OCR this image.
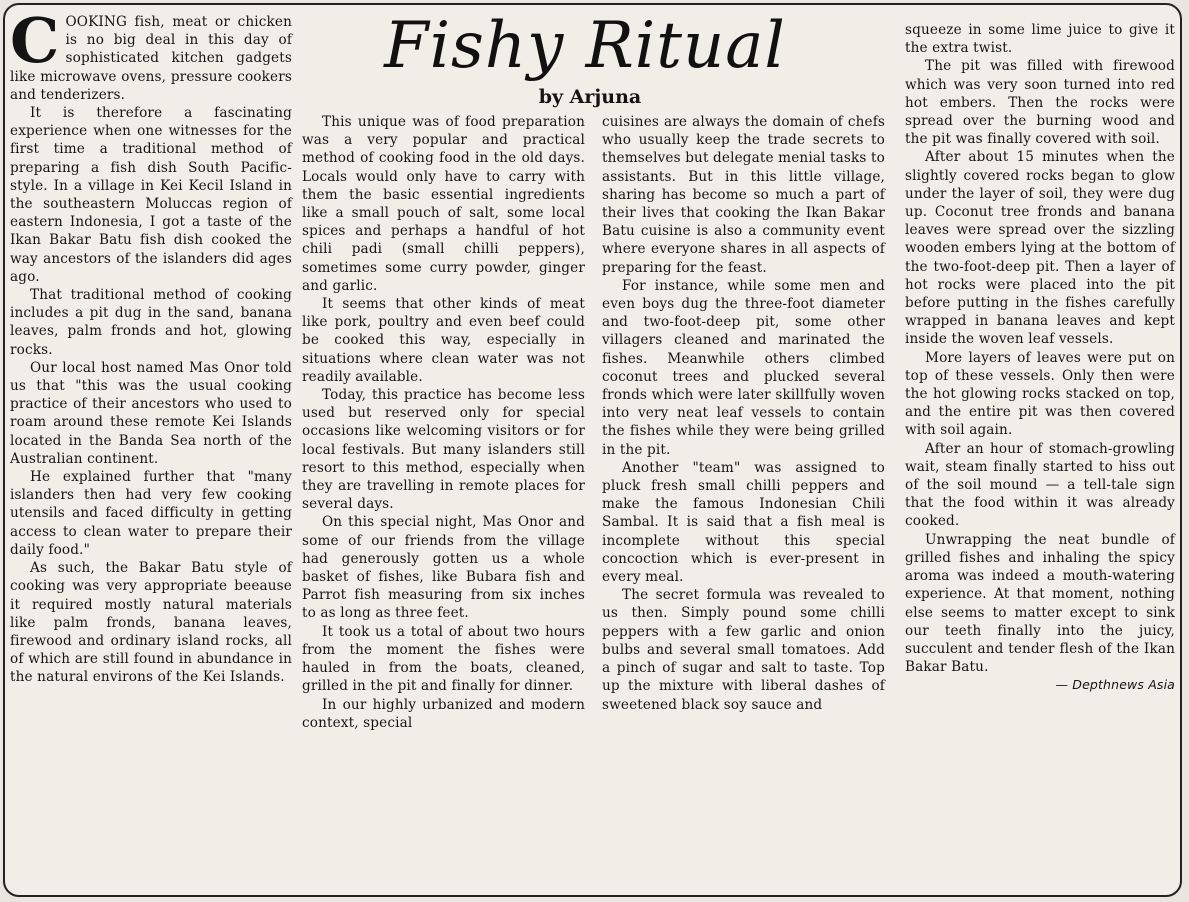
Fishy Ritual
by Arjuna

COOKING fish, meat or chicken is no big deal in this day of sophisticated kitchen gadgets like microwave ovens, pressure cookers and tenderizers.

It is therefore a fascinating experience when one witnesses for the first time a traditional method of preparing a fish dish South Pacific-style. In a village in Kei Kecil Island in the southeastern Moluccas region of eastern Indonesia, I got a taste of the Ikan Bakar Batu fish dish cooked the way ancestors of the islanders did ages ago.

That traditional method of cooking includes a pit dug in the sand, banana leaves, palm fronds and hot, glowing rocks.

Our local host named Mas Onor told us that "this was the usual cooking practice of their ancestors who used to roam around these remote Kei Islands located in the Banda Sea north of the Australian continent.

He explained further that "many islanders then had very few cooking utensils and faced difficulty in getting access to clean water to prepare their daily food."

As such, the Bakar Batu style of cooking was very appropriate beeause it required mostly natural materials like palm fronds, banana leaves, firewood and ordinary island rocks, all of which are still found in abundance in the natural environs of the Kei Islands.

This unique was of food preparation was a very popular and practical method of cooking food in the old days. Locals would only have to carry with them the basic essential ingredients like a small pouch of salt, some local spices and perhaps a handful of hot chili padi (small chilli peppers), sometimes some curry powder, ginger and garlic.

It seems that other kinds of meat like pork, poultry and even beef could be cooked this way, especially in situations where clean water was not readily available.

Today, this practice has become less used but reserved only for special occasions like welcoming visitors or for local festivals. But many islanders still resort to this method, especially when they are travelling in remote places for several days.

On this special night, Mas Onor and some of our friends from the village had generously gotten us a whole basket of fishes, like Bubara fish and Parrot fish measuring from six inches to as long as three feet.

It took us a total of about two hours from the moment the fishes were hauled in from the boats, cleaned, grilled in the pit and finally for dinner.

In our highly urbanized and modern context, special

cuisines are always the domain of chefs who usually keep the trade secrets to themselves but delegate menial tasks to assistants. But in this little village, sharing has become so much a part of their lives that cooking the Ikan Bakar Batu cuisine is also a community event where everyone shares in all aspects of preparing for the feast.

For instance, while some men and even boys dug the three-foot diameter and two-foot-deep pit, some other villagers cleaned and marinated the fishes. Meanwhile others climbed coconut trees and plucked several fronds which were later skillfully woven into very neat leaf vessels to contain the fishes while they were being grilled in the pit.

Another "team" was assigned to pluck fresh small chilli peppers and make the famous Indonesian Chili Sambal. It is said that a fish meal is incomplete without this special concoction which is ever-present in every meal.

The secret formula was revealed to us then. Simply pound some chilli peppers with a few garlic and onion bulbs and several small tomatoes. Add a pinch of sugar and salt to taste. Top up the mixture with liberal dashes of sweetened black soy sauce and

squeeze in some lime juice to give it the extra twist.

The pit was filled with firewood which was very soon turned into red hot embers. Then the rocks were spread over the burning wood and the pit was finally covered with soil.

After about 15 minutes when the slightly covered rocks began to glow under the layer of soil, they were dug up. Coconut tree fronds and banana leaves were spread over the sizzling wooden embers lying at the bottom of the two-foot-deep pit. Then a layer of hot rocks were placed into the pit before putting in the fishes carefully wrapped in banana leaves and kept inside the woven leaf vessels.

More layers of leaves were put on top of these vessels. Only then were the hot glowing rocks stacked on top, and the entire pit was then covered with soil again.

After an hour of stomach-growling wait, steam finally started to hiss out of the soil mound — a tell-tale sign that the food within it was already cooked.

Unwrapping the neat bundle of grilled fishes and inhaling the spicy aroma was indeed a mouth-watering experience. At that moment, nothing else seems to matter except to sink our teeth finally into the juicy, succulent and tender flesh of the Ikan Bakar Batu.

— Depthnews Asia
